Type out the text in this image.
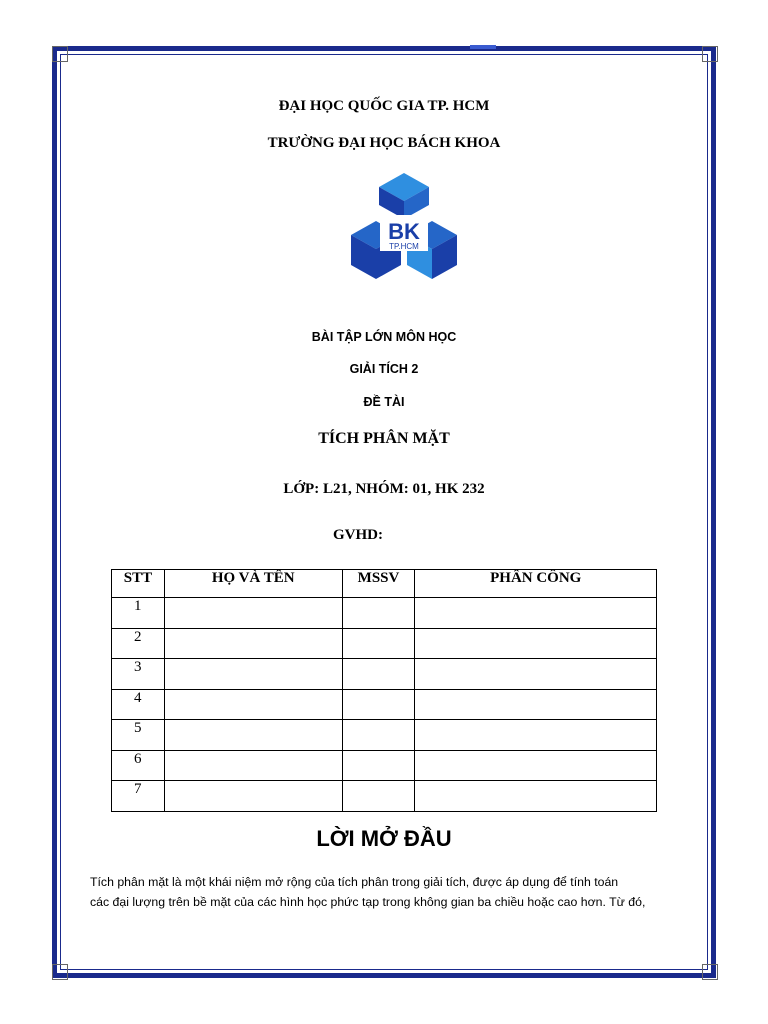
ĐẠI HỌC QUỐC GIA TP. HCM
TRƯỜNG ĐẠI HỌC BÁCH KHOA
BK
TP.HCM
BÀI TẬP LỚN MÔN HỌC
GIẢI TÍCH 2
ĐỀ TÀI
TÍCH PHÂN MẶT
LỚP: L21, NHÓM: 01, HK 232
GVHD:
STT	HỌ VÀ TÊN	MSSV	PHÂN CÔNG
1			
2			
3			
4			
5			
6			
7			
LỜI MỞ ĐẦU
Tích phân mặt là một khái niệm mở rộng của tích phân trong giải tích, được áp dụng để tính toán
các đại lượng trên bề mặt của các hình học phức tạp trong không gian ba chiều hoặc cao hơn. Từ đó,
